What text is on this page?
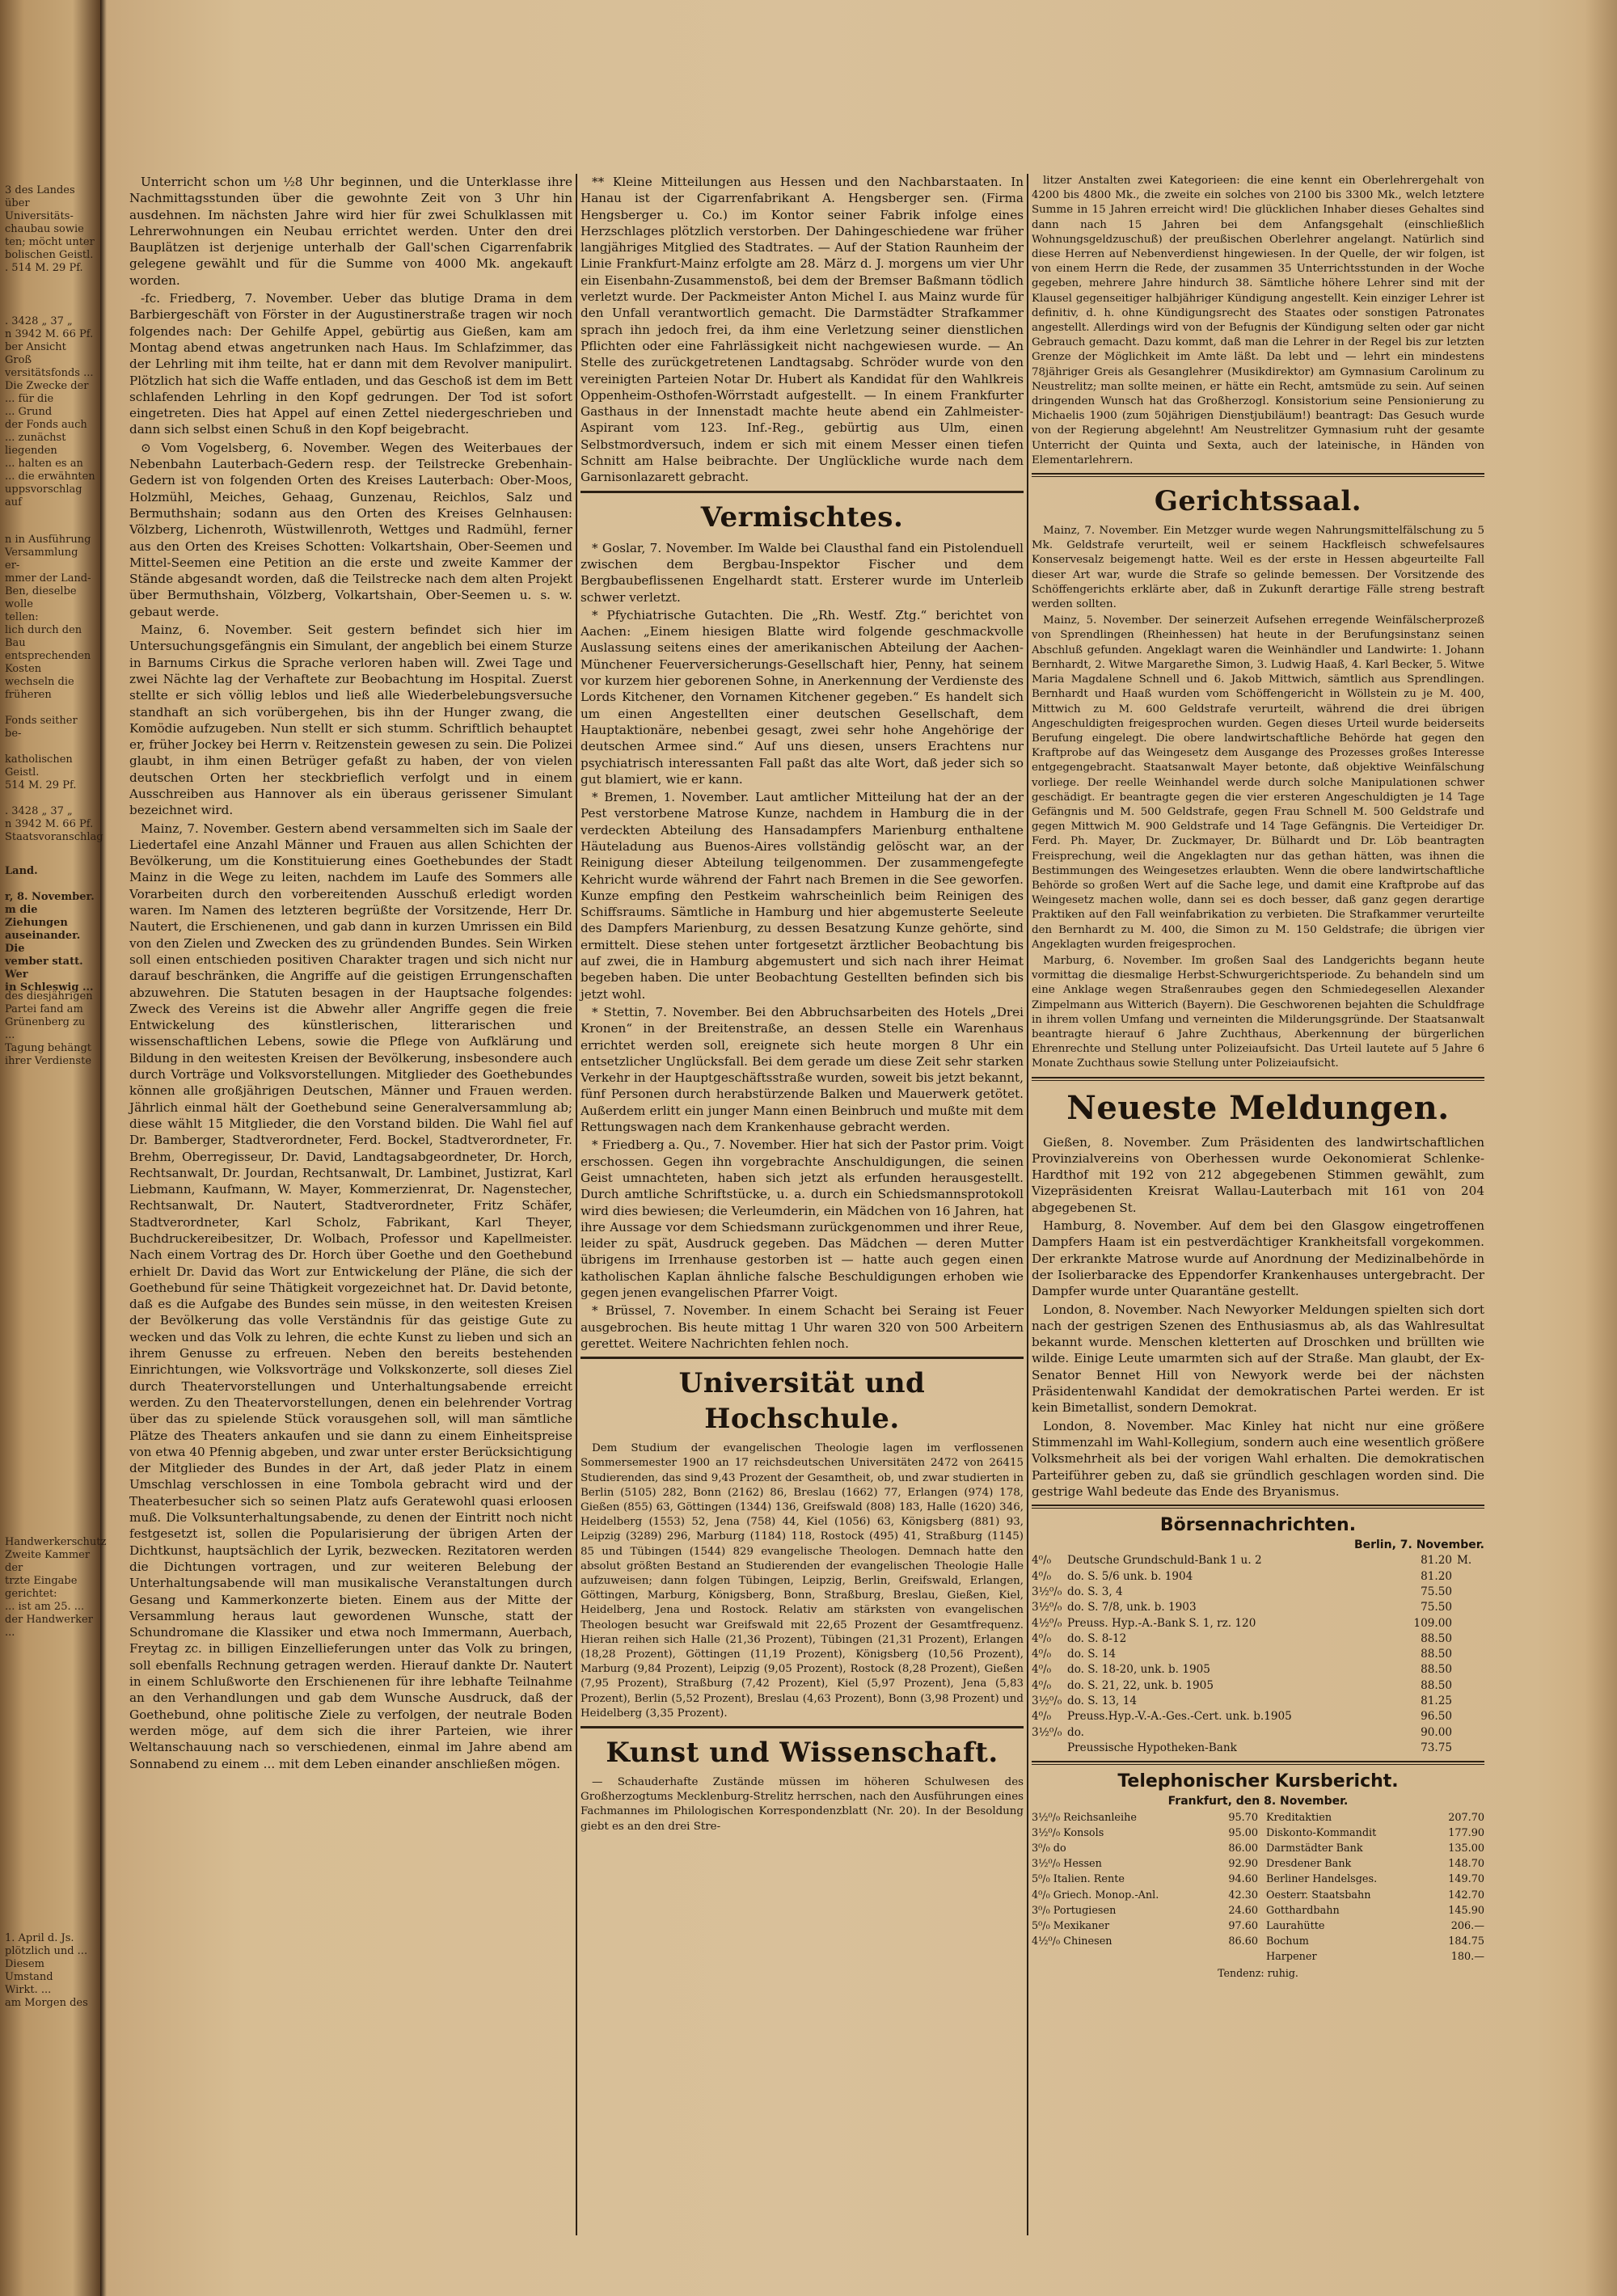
3 des Landes
über Universitäts-
chaubau sowie
ten; möcht unter
bolischen Geistl.
. 514 M. 29 Pf.
. 3428 „ 37 „
n 3942 M. 66 Pf.
ber Ansicht Groß
versitätsfonds ...
Die Zwecke der
... für die
... Grund
der Fonds auch
... zunächst liegenden
... halten es an
... die erwähnten
uppsvorschlag auf
n in Ausführung
Versammlung er-
mmer der Land-
Ben, dieselbe wolle
tellen:
lich durch den Bau
entsprechenden Kosten
wechseln die früheren

Fonds seither be-

katholischen Geistl.
514 M. 29 Pf.

. 3428 „ 37 „
n 3942 M. 66 Pf.
Staatsvoranschlag
Land.

r, 8. November.
m die Ziehungen
auseinander. Die
vember statt. Wer
in Schleswig ...
des diesjährigen
Partei fand am
Grünenberg zu ...
Tagung behängt
ihrer Verdienste
Handwerkerschutz
Zweite Kammer der
trzte Eingabe gerichtet:
... ist am 25. ...
der Handwerker ...
1. April d. Js.
plötzlich und ...
Diesem Umstand
Wirkt. ...
am Morgen des

Unterricht schon um ½8 Uhr beginnen, und die Unterklasse ihre Nachmittagsstunden über die gewohnte Zeit von 3 Uhr hin ausdehnen. Im nächsten Jahre wird hier für zwei Schulklassen mit Lehrerwohnungen ein Neubau errichtet werden. Unter den drei Bauplätzen ist derjenige unterhalb der Gall'schen Cigarrenfabrik gelegene gewählt und für die Summe von 4000 Mk. angekauft worden.

-fc. Friedberg, 7. November. Ueber das blutige Drama in dem Barbiergeschäft von Förster in der Augustinerstraße tragen wir noch folgendes nach: Der Gehilfe Appel, gebürtig aus Gießen, kam am Montag abend etwas angetrunken nach Haus. Im Schlafzimmer, das der Lehrling mit ihm teilte, hat er dann mit dem Revolver manipulirt. Plötzlich hat sich die Waffe entladen, und das Geschoß ist dem im Bett schlafenden Lehrling in den Kopf gedrungen. Der Tod ist sofort eingetreten. Dies hat Appel auf einen Zettel niedergeschrieben und dann sich selbst einen Schuß in den Kopf beigebracht.

⊙ Vom Vogelsberg, 6. November. Wegen des Weiterbaues der Nebenbahn Lauterbach-Gedern resp. der Teilstrecke Grebenhain-Gedern ist von folgenden Orten des Kreises Lauterbach: Ober-Moos, Holzmühl, Meiches, Gehaag, Gunzenau, Reichlos, Salz und Bermuthshain; sodann aus den Orten des Kreises Gelnhausen: Völzberg, Lichenroth, Wüstwillenroth, Wettges und Radmühl, ferner aus den Orten des Kreises Schotten: Volkartshain, Ober-Seemen und Mittel-Seemen eine Petition an die erste und zweite Kammer der Stände abgesandt worden, daß die Teilstrecke nach dem alten Projekt über Bermuthshain, Völzberg, Volkartshain, Ober-Seemen u. s. w. gebaut werde.

Mainz, 6. November. Seit gestern befindet sich hier im Untersuchungsgefängnis ein Simulant, der angeblich bei einem Sturze in Barnums Cirkus die Sprache verloren haben will. Zwei Tage und zwei Nächte lag der Verhaftete zur Beobachtung im Hospital. Zuerst stellte er sich völlig leblos und ließ alle Wiederbelebungsversuche standhaft an sich vorübergehen, bis ihn der Hunger zwang, die Komödie aufzugeben. Nun stellt er sich stumm. Schriftlich behauptet er, früher Jockey bei Herrn v. Reitzenstein gewesen zu sein. Die Polizei glaubt, in ihm einen Betrüger gefaßt zu haben, der von vielen deutschen Orten her steckbrieflich verfolgt und in einem Ausschreiben aus Hannover als ein überaus gerissener Simulant bezeichnet wird.

Mainz, 7. November. Gestern abend versammelten sich im Saale der Liedertafel eine Anzahl Männer und Frauen aus allen Schichten der Bevölkerung, um die Konstituierung eines Goethebundes der Stadt Mainz in die Wege zu leiten, nachdem im Laufe des Sommers alle Vorarbeiten durch den vorbereitenden Ausschuß erledigt worden waren. Im Namen des letzteren begrüßte der Vorsitzende, Herr Dr. Nautert, die Erschienenen, und gab dann in kurzen Umrissen ein Bild von den Zielen und Zwecken des zu gründenden Bundes. Sein Wirken soll einen entschieden positiven Charakter tragen und sich nicht nur darauf beschränken, die Angriffe auf die geistigen Errungenschaften abzuwehren. Die Statuten besagen in der Hauptsache folgendes: Zweck des Vereins ist die Abwehr aller Angriffe gegen die freie Entwickelung des künstlerischen, litterarischen und wissenschaftlichen Lebens, sowie die Pflege von Aufklärung und Bildung in den weitesten Kreisen der Bevölkerung, insbesondere auch durch Vorträge und Volksvorstellungen. Mitglieder des Goethebundes können alle großjährigen Deutschen, Männer und Frauen werden. Jährlich einmal hält der Goethebund seine Generalversammlung ab; diese wählt 15 Mitglieder, die den Vorstand bilden. Die Wahl fiel auf Dr. Bamberger, Stadtverordneter, Ferd. Bockel, Stadtverordneter, Fr. Brehm, Oberregisseur, Dr. David, Landtagsabgeordneter, Dr. Horch, Rechtsanwalt, Dr. Jourdan, Rechtsanwalt, Dr. Lambinet, Justizrat, Karl Liebmann, Kaufmann, W. Mayer, Kommerzienrat, Dr. Nagenstecher, Rechtsanwalt, Dr. Nautert, Stadtverordneter, Fritz Schäfer, Stadtverordneter, Karl Scholz, Fabrikant, Karl Theyer, Buchdruckereibesitzer, Dr. Wolbach, Professor und Kapellmeister. Nach einem Vortrag des Dr. Horch über Goethe und den Goethebund erhielt Dr. David das Wort zur Entwickelung der Pläne, die sich der Goethebund für seine Thätigkeit vorgezeichnet hat. Dr. David betonte, daß es die Aufgabe des Bundes sein müsse, in den weitesten Kreisen der Bevölkerung das volle Verständnis für das geistige Gute zu wecken und das Volk zu lehren, die echte Kunst zu lieben und sich an ihrem Genusse zu erfreuen. Neben den bereits bestehenden Einrichtungen, wie Volksvorträge und Volkskonzerte, soll dieses Ziel durch Theatervorstellungen und Unterhaltungsabende erreicht werden. Zu den Theatervorstellungen, denen ein belehrender Vortrag über das zu spielende Stück vorausgehen soll, will man sämtliche Plätze des Theaters ankaufen und sie dann zu einem Einheitspreise von etwa 40 Pfennig abgeben, und zwar unter erster Berücksichtigung der Mitglieder des Bundes in der Art, daß jeder Platz in einem Umschlag verschlossen in eine Tombola gebracht wird und der Theaterbesucher sich so seinen Platz aufs Geratewohl quasi erloosen muß. Die Volksunterhaltungsabende, zu denen der Eintritt noch nicht festgesetzt ist, sollen die Popularisierung der übrigen Arten der Dichtkunst, hauptsächlich der Lyrik, bezwecken. Rezitatoren werden die Dichtungen vortragen, und zur weiteren Belebung der Unterhaltungsabende will man musikalische Veranstaltungen durch Gesang und Kammerkonzerte bieten. Einem aus der Mitte der Versammlung heraus laut gewordenen Wunsche, statt der Schundromane die Klassiker und etwa noch Immermann, Auerbach, Freytag zc. in billigen Einzellieferungen unter das Volk zu bringen, soll ebenfalls Rechnung getragen werden. Hierauf dankte Dr. Nautert in einem Schlußworte den Erschienenen für ihre lebhafte Teilnahme an den Verhandlungen und gab dem Wunsche Ausdruck, daß der Goethebund, ohne politische Ziele zu verfolgen, der neutrale Boden werden möge, auf dem sich die ihrer Parteien, wie ihrer Weltanschauung nach so verschiedenen, einmal im Jahre abend am Sonnabend zu einem ... mit dem Leben einander anschließen mögen.

** Kleine Mitteilungen aus Hessen und den Nachbarstaaten. In Hanau ist der Cigarrenfabrikant A. Hengsberger sen. (Firma Hengsberger u. Co.) im Kontor seiner Fabrik infolge eines Herzschlages plötzlich verstorben. Der Dahingeschiedene war früher langjähriges Mitglied des Stadtrates. — Auf der Station Raunheim der Linie Frankfurt-Mainz erfolgte am 28. März d. J. morgens um vier Uhr ein Eisenbahn-Zusammenstoß, bei dem der Bremser Baßmann tödlich verletzt wurde. Der Packmeister Anton Michel I. aus Mainz wurde für den Unfall verantwortlich gemacht. Die Darmstädter Strafkammer sprach ihn jedoch frei, da ihm eine Verletzung seiner dienstlichen Pflichten oder eine Fahrlässigkeit nicht nachgewiesen wurde. — An Stelle des zurückgetretenen Landtagsabg. Schröder wurde von den vereinigten Parteien Notar Dr. Hubert als Kandidat für den Wahlkreis Oppenheim-Osthofen-Wörrstadt aufgestellt. — In einem Frankfurter Gasthaus in der Innenstadt machte heute abend ein Zahlmeister-Aspirant vom 123. Inf.-Reg., gebürtig aus Ulm, einen Selbstmordversuch, indem er sich mit einem Messer einen tiefen Schnitt am Halse beibrachte. Der Unglückliche wurde nach dem Garnisonlazarett gebracht.

Vermischtes.

* Goslar, 7. November. Im Walde bei Clausthal fand ein Pistolenduell zwischen dem Bergbau-Inspektor Fischer und dem Bergbaubeflissenen Engelhardt statt. Ersterer wurde im Unterleib schwer verletzt.

* Pfychiatrische Gutachten. Die „Rh. Westf. Ztg.“ berichtet von Aachen: „Einem hiesigen Blatte wird folgende geschmackvolle Auslassung seitens eines der amerikanischen Abteilung der Aachen-Münchener Feuerversicherungs-Gesellschaft hier, Penny, hat seinem vor kurzem hier geborenen Sohne, in Anerkennung der Verdienste des Lords Kitchener, den Vornamen Kitchener gegeben.“ Es handelt sich um einen Angestellten einer deutschen Gesellschaft, dem Hauptaktionäre, nebenbei gesagt, zwei sehr hohe Angehörige der deutschen Armee sind.“ Auf uns diesen, unsers Erachtens nur psychiatrisch interessanten Fall paßt das alte Wort, daß jeder sich so gut blamiert, wie er kann.

* Bremen, 1. November. Laut amtlicher Mitteilung hat der an der Pest verstorbene Matrose Kunze, nachdem in Hamburg die in der verdeckten Abteilung des Hansadampfers Marienburg enthaltene Häuteladung aus Buenos-Aires vollständig gelöscht war, an der Reinigung dieser Abteilung teilgenommen. Der zusammengefegte Kehricht wurde während der Fahrt nach Bremen in die See geworfen. Kunze empfing den Pestkeim wahrscheinlich beim Reinigen des Schiffsraums. Sämtliche in Hamburg und hier abgemusterte Seeleute des Dampfers Marienburg, zu dessen Besatzung Kunze gehörte, sind ermittelt. Diese stehen unter fortgesetzt ärztlicher Beobachtung bis auf zwei, die in Hamburg abgemustert und sich nach ihrer Heimat begeben haben. Die unter Beobachtung Gestellten befinden sich bis jetzt wohl.

* Stettin, 7. November. Bei den Abbruchsarbeiten des Hotels „Drei Kronen“ in der Breitenstraße, an dessen Stelle ein Warenhaus errichtet werden soll, ereignete sich heute morgen 8 Uhr ein entsetzlicher Unglücksfall. Bei dem gerade um diese Zeit sehr starken Verkehr in der Hauptgeschäftsstraße wurden, soweit bis jetzt bekannt, fünf Personen durch herabstürzende Balken und Mauerwerk getötet. Außerdem erlitt ein junger Mann einen Beinbruch und mußte mit dem Rettungswagen nach dem Krankenhause gebracht werden.

* Friedberg a. Qu., 7. November. Hier hat sich der Pastor prim. Voigt erschossen. Gegen ihn vorgebrachte Anschuldigungen, die seinen Geist umnachteten, haben sich jetzt als erfunden herausgestellt. Durch amtliche Schriftstücke, u. a. durch ein Schiedsmannsprotokoll wird dies bewiesen; die Verleumderin, ein Mädchen von 16 Jahren, hat ihre Aussage vor dem Schiedsmann zurückgenommen und ihrer Reue, leider zu spät, Ausdruck gegeben. Das Mädchen — deren Mutter übrigens im Irrenhause gestorben ist — hatte auch gegen einen katholischen Kaplan ähnliche falsche Beschuldigungen erhoben wie gegen jenen evangelischen Pfarrer Voigt.

* Brüssel, 7. November. In einem Schacht bei Seraing ist Feuer ausgebrochen. Bis heute mittag 1 Uhr waren 320 von 500 Arbeitern gerettet. Weitere Nachrichten fehlen noch.

Universität und Hochschule.

Dem Studium der evangelischen Theologie lagen im verflossenen Sommersemester 1900 an 17 reichsdeutschen Universitäten 2472 von 26415 Studierenden, das sind 9,43 Prozent der Gesamtheit, ob, und zwar studierten in Berlin (5105) 282, Bonn (2162) 86, Breslau (1662) 77, Erlangen (974) 178, Gießen (855) 63, Göttingen (1344) 136, Greifswald (808) 183, Halle (1620) 346, Heidelberg (1553) 52, Jena (758) 44, Kiel (1056) 63, Königsberg (881) 93, Leipzig (3289) 296, Marburg (1184) 118, Rostock (495) 41, Straßburg (1145) 85 und Tübingen (1544) 829 evangelische Theologen. Demnach hatte den absolut größten Bestand an Studierenden der evangelischen Theologie Halle aufzuweisen; dann folgen Tübingen, Leipzig, Berlin, Greifswald, Erlangen, Göttingen, Marburg, Königsberg, Bonn, Straßburg, Breslau, Gießen, Kiel, Heidelberg, Jena und Rostock. Relativ am stärksten von evangelischen Theologen besucht war Greifswald mit 22,65 Prozent der Gesamtfrequenz. Hieran reihen sich Halle (21,36 Prozent), Tübingen (21,31 Prozent), Erlangen (18,28 Prozent), Göttingen (11,19 Prozent), Königsberg (10,56 Prozent), Marburg (9,84 Prozent), Leipzig (9,05 Prozent), Rostock (8,28 Prozent), Gießen (7,95 Prozent), Straßburg (7,42 Prozent), Kiel (5,97 Prozent), Jena (5,83 Prozent), Berlin (5,52 Prozent), Breslau (4,63 Prozent), Bonn (3,98 Prozent) und Heidelberg (3,35 Prozent).

Kunst und Wissenschaft.

— Schauderhafte Zustände müssen im höheren Schulwesen des Großherzogtums Mecklenburg-Strelitz herrschen, nach den Ausführungen eines Fachmannes im Philologischen Korrespondenzblatt (Nr. 20). In der Besoldung giebt es an den drei Stre-

litzer Anstalten zwei Kategorieen: die eine kennt ein Oberlehrergehalt von 4200 bis 4800 Mk., die zweite ein solches von 2100 bis 3300 Mk., welch letztere Summe in 15 Jahren erreicht wird! Die glücklichen Inhaber dieses Gehaltes sind dann nach 15 Jahren bei dem Anfangsgehalt (einschließlich Wohnungsgeldzuschuß) der preußischen Oberlehrer angelangt. Natürlich sind diese Herren auf Nebenverdienst hingewiesen. In der Quelle, der wir folgen, ist von einem Herrn die Rede, der zusammen 35 Unterrichtsstunden in der Woche gegeben, mehrere Jahre hindurch 38. Sämtliche höhere Lehrer sind mit der Klausel gegenseitiger halbjähriger Kündigung angestellt. Kein einziger Lehrer ist definitiv, d. h. ohne Kündigungsrecht des Staates oder sonstigen Patronates angestellt. Allerdings wird von der Befugnis der Kündigung selten oder gar nicht Gebrauch gemacht. Dazu kommt, daß man die Lehrer in der Regel bis zur letzten Grenze der Möglichkeit im Amte läßt. Da lebt und — lehrt ein mindestens 78jähriger Greis als Gesanglehrer (Musikdirektor) am Gymnasium Carolinum zu Neustrelitz; man sollte meinen, er hätte ein Recht, amtsmüde zu sein. Auf seinen dringenden Wunsch hat das Großherzogl. Konsistorium seine Pensionierung zu Michaelis 1900 (zum 50jährigen Dienstjubiläum!) beantragt: Das Gesuch wurde von der Regierung abgelehnt! Am Neustrelitzer Gymnasium ruht der gesamte Unterricht der Quinta und Sexta, auch der lateinische, in Händen von Elementarlehrern.

Gerichtssaal.

Mainz, 7. November. Ein Metzger wurde wegen Nahrungsmittelfälschung zu 5 Mk. Geldstrafe verurteilt, weil er seinem Hackfleisch schwefelsaures Konservesalz beigemengt hatte. Weil es der erste in Hessen abgeurteilte Fall dieser Art war, wurde die Strafe so gelinde bemessen. Der Vorsitzende des Schöffengerichts erklärte aber, daß in Zukunft derartige Fälle streng bestraft werden sollten.

Mainz, 5. November. Der seinerzeit Aufsehen erregende Weinfälscherprozeß von Sprendlingen (Rheinhessen) hat heute in der Berufungsinstanz seinen Abschluß gefunden. Angeklagt waren die Weinhändler und Landwirte: 1. Johann Bernhardt, 2. Witwe Margarethe Simon, 3. Ludwig Haaß, 4. Karl Becker, 5. Witwe Maria Magdalene Schnell und 6. Jakob Mittwich, sämtlich aus Sprendlingen. Bernhardt und Haaß wurden vom Schöffengericht in Wöllstein zu je M. 400, Mittwich zu M. 600 Geldstrafe verurteilt, während die drei übrigen Angeschuldigten freigesprochen wurden. Gegen dieses Urteil wurde beiderseits Berufung eingelegt. Die obere landwirtschaftliche Behörde hat gegen den Kraftprobe auf das Weingesetz dem Ausgange des Prozesses großes Interesse entgegengebracht. Staatsanwalt Mayer betonte, daß objektive Weinfälschung vorliege. Der reelle Weinhandel werde durch solche Manipulationen schwer geschädigt. Er beantragte gegen die vier ersteren Angeschuldigten je 14 Tage Gefängnis und M. 500 Geldstrafe, gegen Frau Schnell M. 500 Geldstrafe und gegen Mittwich M. 900 Geldstrafe und 14 Tage Gefängnis. Die Verteidiger Dr. Ferd. Ph. Mayer, Dr. Zuckmayer, Dr. Bülhardt und Dr. Löb beantragten Freisprechung, weil die Angeklagten nur das gethan hätten, was ihnen die Bestimmungen des Weingesetzes erlaubten. Wenn die obere landwirtschaftliche Behörde so großen Wert auf die Sache lege, und damit eine Kraftprobe auf das Weingesetz machen wolle, dann sei es doch besser, daß ganz gegen derartige Praktiken auf den Fall weinfabrikation zu verbieten. Die Strafkammer verurteilte den Bernhardt zu M. 400, die Simon zu M. 150 Geldstrafe; die übrigen vier Angeklagten wurden freigesprochen.

Marburg, 6. November. Im großen Saal des Landgerichts begann heute vormittag die diesmalige Herbst-Schwurgerichtsperiode. Zu behandeln sind um eine Anklage wegen Straßenraubes gegen den Schmiedegesellen Alexander Zimpelmann aus Witterich (Bayern). Die Geschworenen bejahten die Schuldfrage in ihrem vollen Umfang und verneinten die Milderungsgründe. Der Staatsanwalt beantragte hierauf 6 Jahre Zuchthaus, Aberkennung der bürgerlichen Ehrenrechte und Stellung unter Polizeiaufsicht. Das Urteil lautete auf 5 Jahre 6 Monate Zuchthaus sowie Stellung unter Polizeiaufsicht.

Neueste Meldungen.

Gießen, 8. November. Zum Präsidenten des landwirtschaftlichen Provinzialvereins von Oberhessen wurde Oekonomierat Schlenke-Hardthof mit 192 von 212 abgegebenen Stimmen gewählt, zum Vizepräsidenten Kreisrat Wallau-Lauterbach mit 161 von 204 abgegebenen St.

Hamburg, 8. November. Auf dem bei den Glasgow eingetroffenen Dampfers Haam ist ein pestverdächtiger Krankheitsfall vorgekommen. Der erkrankte Matrose wurde auf Anordnung der Medizinalbehörde in der Isolierbaracke des Eppendorfer Krankenhauses untergebracht. Der Dampfer wurde unter Quarantäne gestellt.

London, 8. November. Nach Newyorker Meldungen spielten sich dort nach der gestrigen Szenen des Enthusiasmus ab, als das Wahlresultat bekannt wurde. Menschen kletterten auf Droschken und brüllten wie wilde. Einige Leute umarmten sich auf der Straße. Man glaubt, der Ex-Senator Bennet Hill von Newyork werde bei der nächsten Präsidentenwahl Kandidat der demokratischen Partei werden. Er ist kein Bimetallist, sondern Demokrat.

London, 8. November. Mac Kinley hat nicht nur eine größere Stimmenzahl im Wahl-Kollegium, sondern auch eine wesentlich größere Volksmehrheit als bei der vorigen Wahl erhalten. Die demokratischen Parteiführer geben zu, daß sie gründlich geschlagen worden sind. Die gestrige Wahl bedeute das Ende des Bryanismus.

Börsennachrichten.
Berlin, 7. November.
4⁰/₀	Deutsche Grundschuld-Bank 1 u. 2	81.20 M.
4⁰/₀	do. S. 5/6 unk. b. 1904	81.20
3½⁰/₀ do. S. 3, 4	75.50
3½⁰/₀ do. S. 7/8, unk. b. 1903	75.50
4½⁰/₀ Preuss. Hyp.-A.-Bank S. 1, rz. 120	109.00
4⁰/₀	do. S. 8-12	88.50
4⁰/₀	do. S. 14	88.50
4⁰/₀	do. S. 18-20, unk. b. 1905	88.50
4⁰/₀	do. S. 21, 22, unk. b. 1905	88.50
3½⁰/₀ do. S. 13, 14	81.25
4⁰/₀	Preuss.Hyp.-V.-A.-Ges.-Cert. unk. b.1905	96.50
3½⁰/₀ do.	90.00
Preussische Hypotheken-Bank	73.75
Telephonischer Kursbericht.
Frankfurt, den 8. November.
3½⁰/₀ Reichsanleihe	95.70
3½⁰/₀ Konsols	95.00
3⁰/₀ do	86.00
3½⁰/₀ Hessen	92.90
5⁰/₀ Italien. Rente	94.60
4⁰/₀ Griech. Monop.-Anl.	42.30
3⁰/₀ Portugiesen	24.60
5⁰/₀ Mexikaner	97.60
4½⁰/₀ Chinesen	86.60
Kreditaktien	207.70
Diskonto-Kommandit	177.90
Darmstädter Bank	135.00
Dresdener Bank	148.70
Berliner Handelsges.	149.70
Oesterr. Staatsbahn	142.70
Gotthardbahn	145.90
Laurahütte	206.—
Bochum	184.75
Harpener	180.—
Tendenz: ruhig.
